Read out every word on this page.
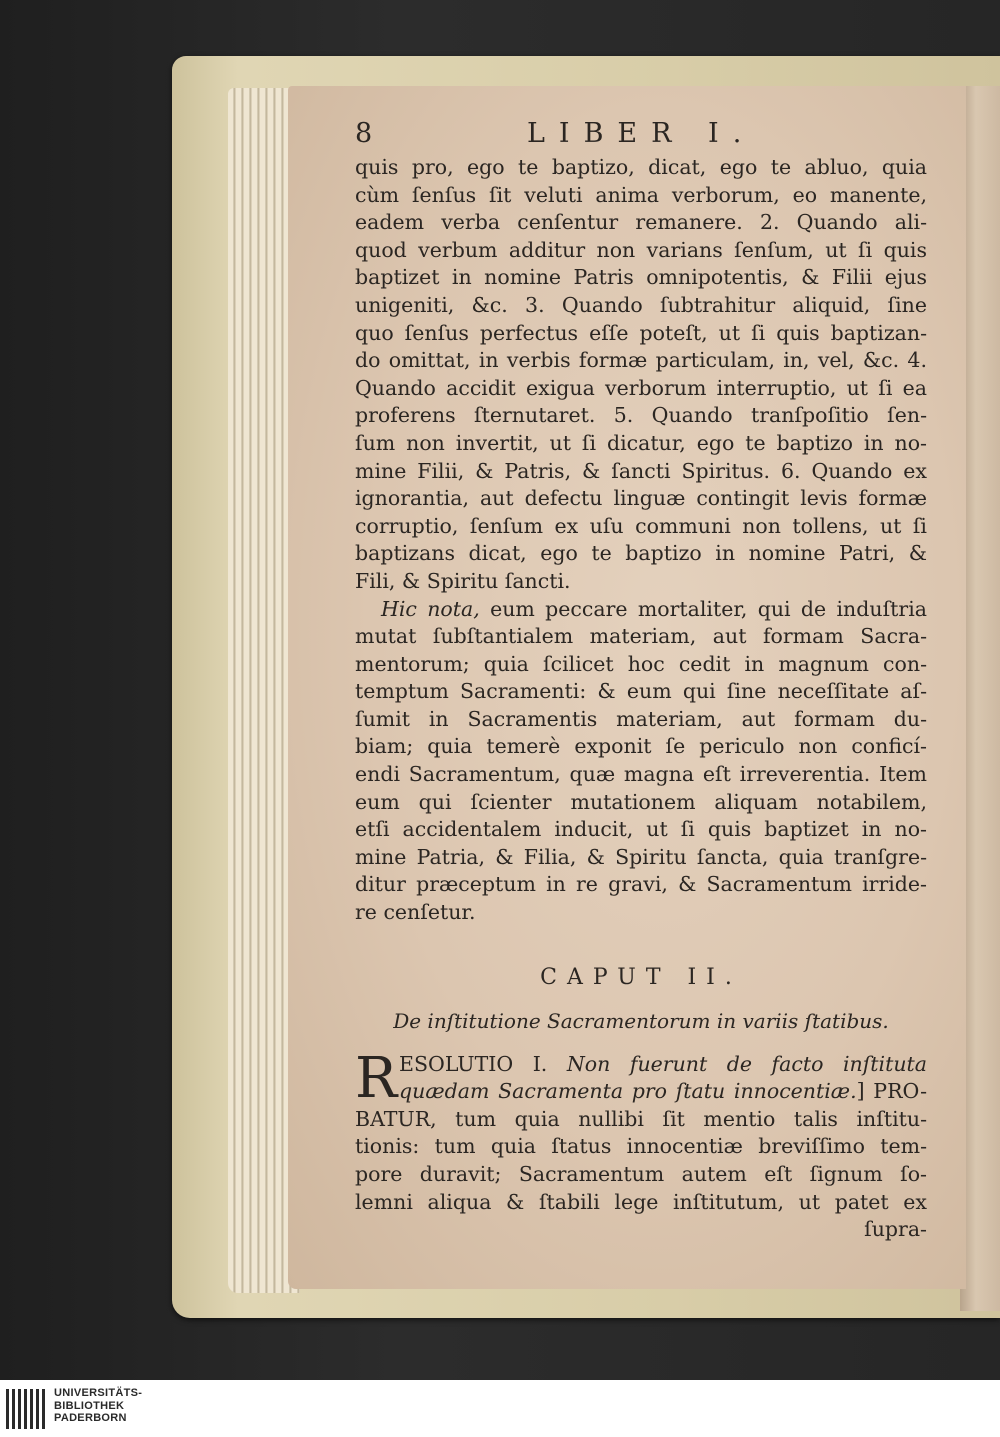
8	LIBER I.
quis pro, ego te baptizo, dicat, ego te abluo, quia
cùm ſenſus ſit veluti anima verborum, eo manente,
eadem verba cenſentur remanere. 2. Quando ali-
quod verbum additur non varians ſenſum, ut ſi quis
baptizet in nomine Patris omnipotentis, & Filii ejus
unigeniti, &c. 3. Quando ſubtrahitur aliquid, ſine
quo ſenſus perfectus eſſe poteſt, ut ſi quis baptizan-
do omittat, in verbis formæ particulam, in, vel, &c. 4.
Quando accidit exigua verborum interruptio, ut ſi ea
proferens ſternutaret. 5. Quando tranſpoſitio ſen-
ſum non invertit, ut ſi dicatur, ego te baptizo in no-
mine Filii, & Patris, & ſancti Spiritus. 6. Quando ex
ignorantia, aut defectu linguæ contingit levis formæ
corruptio, ſenſum ex uſu communi non tollens, ut ſi
baptizans dicat, ego te baptizo in nomine Patri, &
Fili, & Spiritu ſancti.
Hic nota, eum peccare mortaliter, qui de induſtria
mutat ſubſtantialem materiam, aut formam Sacra-
mentorum; quia ſcilicet hoc cedit in magnum con-
temptum Sacramenti: & eum qui ſine neceſſitate aſ-
ſumit in Sacramentis materiam, aut formam du-
biam; quia temerè exponit ſe periculo non conficí-
endi Sacramentum, quæ magna eſt irreverentia. Item
eum qui ſcienter mutationem aliquam notabilem,
etſi accidentalem inducit, ut ſi quis baptizet in no-
mine Patria, & Filia, & Spiritu ſancta, quia tranſgre-
ditur præceptum in re gravi, & Sacramentum irride-
re cenſetur.
CAPUT II.
De inſtitutione Sacramentorum in variis ſtatibus.
R ESOLUTIO I. Non fuerunt de facto inſtituta
quædam Sacramenta pro ſtatu innocentiæ.] PRO-
BATUR, tum quia nullibi ſit mentio talis inſtitu-
tionis: tum quia ſtatus innocentiæ breviſſimo tem-
pore duravit; Sacramentum autem eſt ſignum ſo-
lemni aliqua & ſtabili lege inſtitutum, ut patet ex
ſupra-
UNIVERSITÄTS-
BIBLIOTHEK
PADERBORN
